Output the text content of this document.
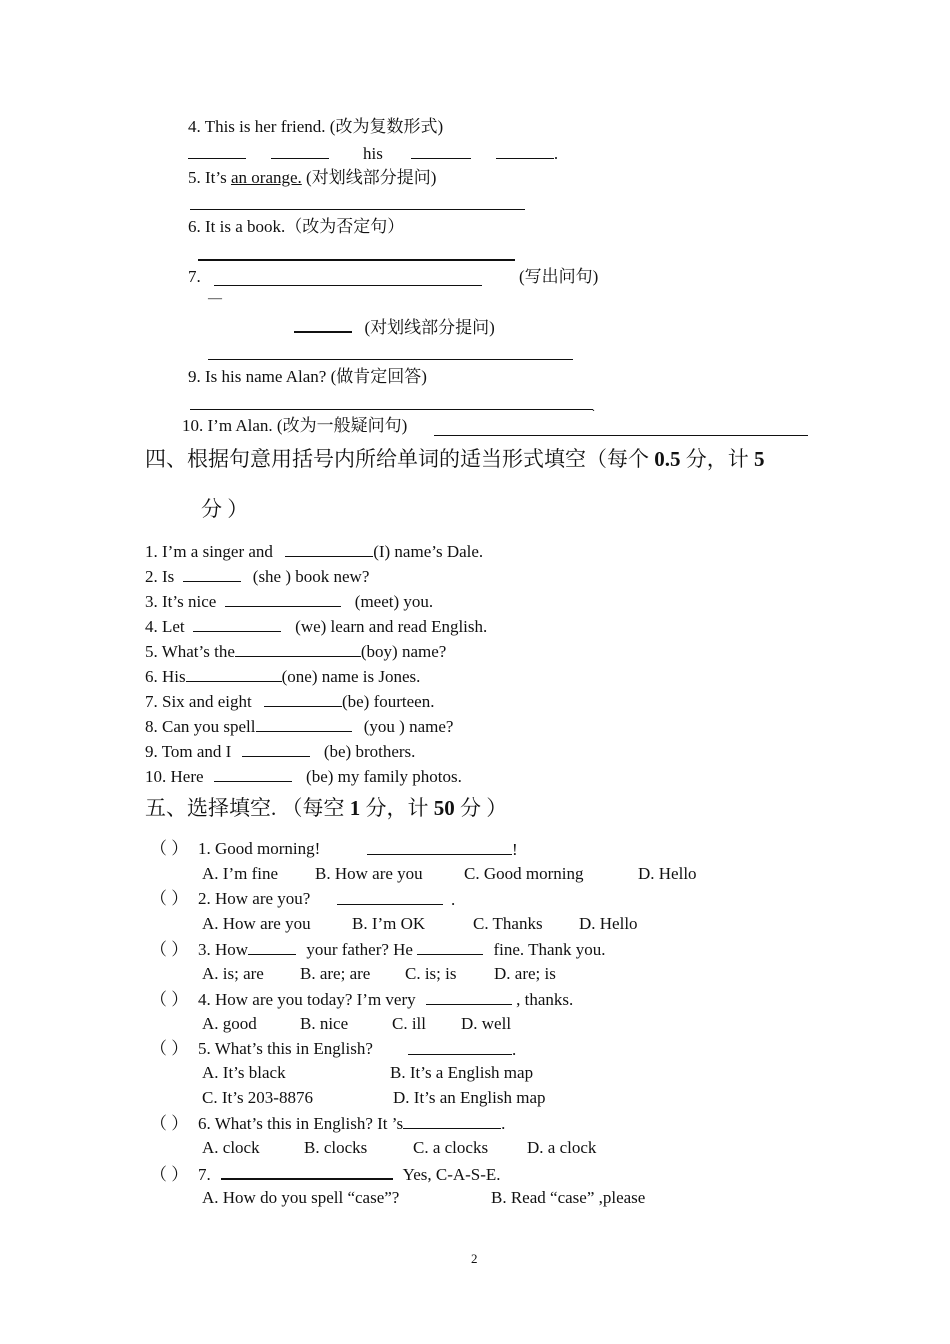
4. This is her friend. (改为复数形式)
his	.
5. It’s an orange. (对划线部分提问)
6. It is a book.（改为否定句）
7.	(写出问句)
—
(对划线部分提问)
9. Is his name Alan? (做肯定回答)
.
10. I’m Alan. (改为一般疑问句)
四、根据句意用括号内所给单词的适当形式填空（每个 0.5 分，计 5
分 ）
1. I’m a singer and	(I) name’s Dale.
2. Is	(she ) book new?
3. It’s nice	(meet) you.
4. Let	(we) learn and read English.
5. What’s the	(boy) name?
6. His	(one) name is Jones.
7. Six and eight	(be) fourteen.
8. Can you spell	(you ) name?
9. Tom and I	(be) brothers.
10. Here	(be) my family photos.
五、选择填空. （每空 1 分，计 50 分 ）
（ ） 1. Good morning!	!
A. I’m fine B. How are you C. Good morning	D. Hello
（ ） 2. How are you?	.
A. How are you B. I’m OK	C. Thanks D. Hello
（ ） 3. How	your father? He	fine. Thank you.
A. is; are B. are; are C. is; is D. are; is
（ ） 4. How are you today? I’m very	, thanks.
A. good	B. nice	C. ill D. well
（ ） 5. What’s this in English?	.
A. It’s black	B. It’s a English map
C. It’s 203-8876	D. It’s an English map
（ ） 6. What’s this in English? It ’s	.
A. clock	B. clocks	C. a clocks D. a clock
（ ） 7.	Yes, C-A-S-E.
A. How do you spell “case”?	B. Read “case” ,please
2
